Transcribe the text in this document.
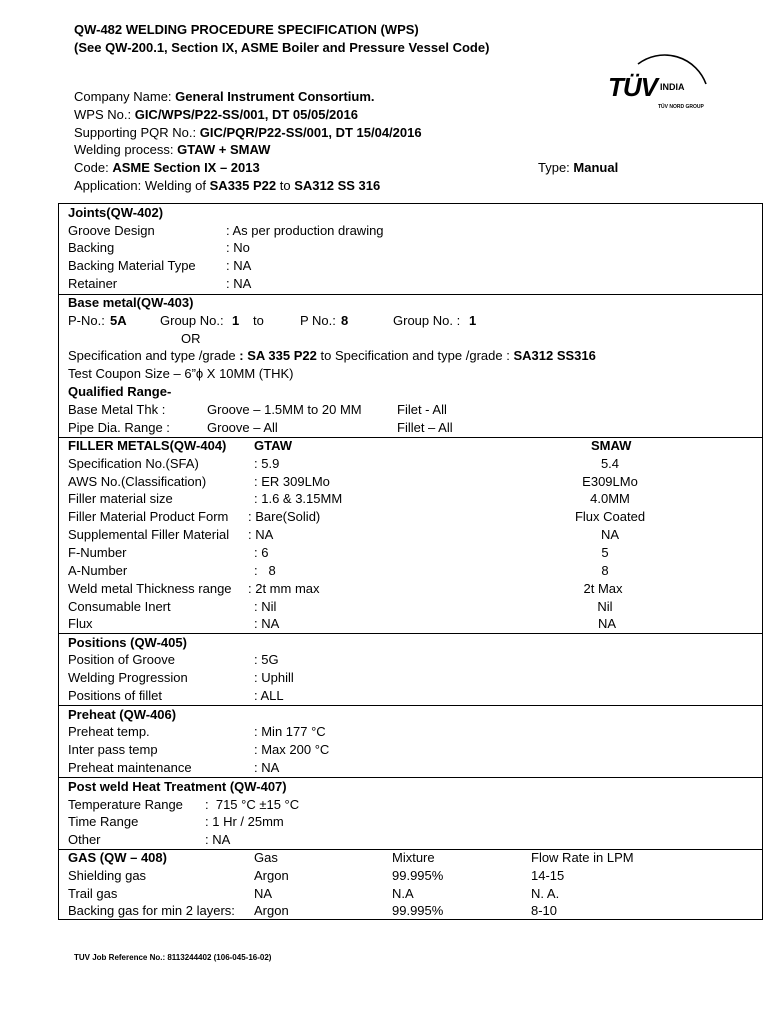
QW-482 WELDING PROCEDURE SPECIFICATION (WPS)
(See QW-200.1, Section IX, ASME Boiler and Pressure Vessel Code)
TÜV INDIA
TÜV NORD GROUP
Company Name: General Instrument Consortium.
WPS No.: GIC/WPS/P22-SS/001, DT 05/05/2016
Supporting PQR No.: GIC/PQR/P22-SS/001, DT 15/04/2016
Welding process: GTAW + SMAW
Code: ASME Section IX – 2013	Type: Manual
Application: Welding of SA335 P22 to SA312 SS 316
Joints(QW-402)
Groove Design	: As per production drawing
Backing	: No
Backing Material Type : NA
Retainer	: NA
Base metal(QW-403)
P-No.: 5A	Group No.: 1 to	P No.: 8	Group No. : 1
OR
Specification and type /grade : SA 335 P22 to Specification and type /grade : SA312 SS316
Test Coupon Size – 6”ϕ X 10MM (THK)
Qualified Range-
Base Metal Thk :	Groove – 1.5MM to 20 MM	Filet - All
Pipe Dia. Range :	Groove – All	Fillet – All
FILLER METALS(QW-404) GTAW	SMAW
Specification No.(SFA)	: 5.9	5.4
AWS No.(Classification)	: ER 309LMo	E309LMo
Filler material size	: 1.6 & 3.15MM	4.0MM
Filler Material Product Form : Bare(Solid)	Flux Coated
Supplemental Filler Material : NA	NA
F-Number	: 6	5
A-Number	:   8	8
Weld metal Thickness range : 2t mm max	2t Max
Consumable Inert	: Nil	Nil
Flux	: NA	NA
Positions (QW-405)
Position of Groove	: 5G
Welding Progression	: Uphill
Positions of fillet	: ALL
Preheat (QW-406)
Preheat temp.	: Min 177 °C
Inter pass temp	: Max 200 °C
Preheat maintenance	: NA
Post weld Heat Treatment (QW-407)
Temperature Range :  715 °C ±15 °C
Time Range	: 1 Hr / 25mm
Other	: NA
GAS (QW – 408)	Gas	Mixture	Flow Rate in LPM
Shielding gas	Argon	99.995%	14-15
Trail gas	NA	N.A	N. A.
Backing gas for min 2 layers: Argon	99.995%	8-10
TUV Job Reference No.: 8113244402 (106-045-16-02)
